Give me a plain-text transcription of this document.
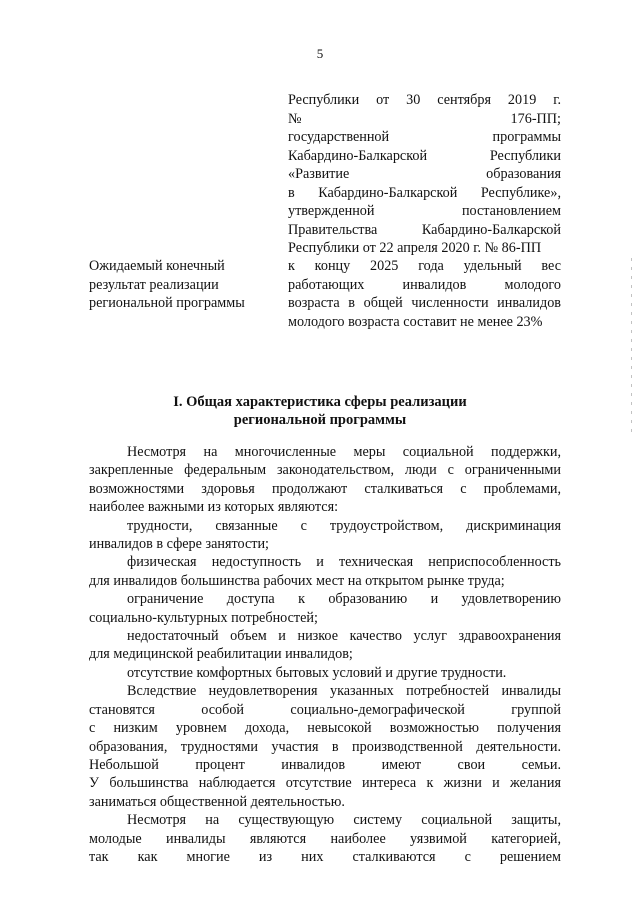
5
Республики от 30 сентября 2019 г.
№ 176-ПП;
государственной программы
Кабардино-Балкарской Республики
«Развитие образования
в Кабардино-Балкарской Республике»,
утвержденной постановлением
Правительства Кабардино-Балкарской
Республики от 22 апреля 2020 г. № 86-ПП
Ожидаемый конечный
результат реализации
региональной программы
к концу 2025 года удельный вес
работающих инвалидов молодого
возраста в общей численности инвалидов
молодого возраста составит не менее 23%
I. Общая характеристика сферы реализации
региональной программы
Несмотря на многочисленные меры социальной поддержки,
закрепленные федеральным законодательством, люди с ограниченными
возможностями здоровья продолжают сталкиваться с проблемами,
наиболее важными из которых являются:
трудности, связанные с трудоустройством, дискриминация
инвалидов в сфере занятости;
физическая недоступность и техническая неприспособленность
для инвалидов большинства рабочих мест на открытом рынке труда;
ограничение доступа к образованию и удовлетворению
социально-культурных потребностей;
недостаточный объем и низкое качество услуг здравоохранения
для медицинской реабилитации инвалидов;
отсутствие комфортных бытовых условий и другие трудности.
Вследствие неудовлетворения указанных потребностей инвалиды
становятся особой социально-демографической группой
с низким уровнем дохода, невысокой возможностью получения
образования, трудностями участия в производственной деятельности.
Небольшой процент инвалидов имеют свои семьи.
У большинства наблюдается отсутствие интереса к жизни и желания
заниматься общественной деятельностью.
Несмотря на существующую систему социальной защиты,
молодые инвалиды являются наиболее уязвимой категорией,
так как многие из них сталкиваются с решением
